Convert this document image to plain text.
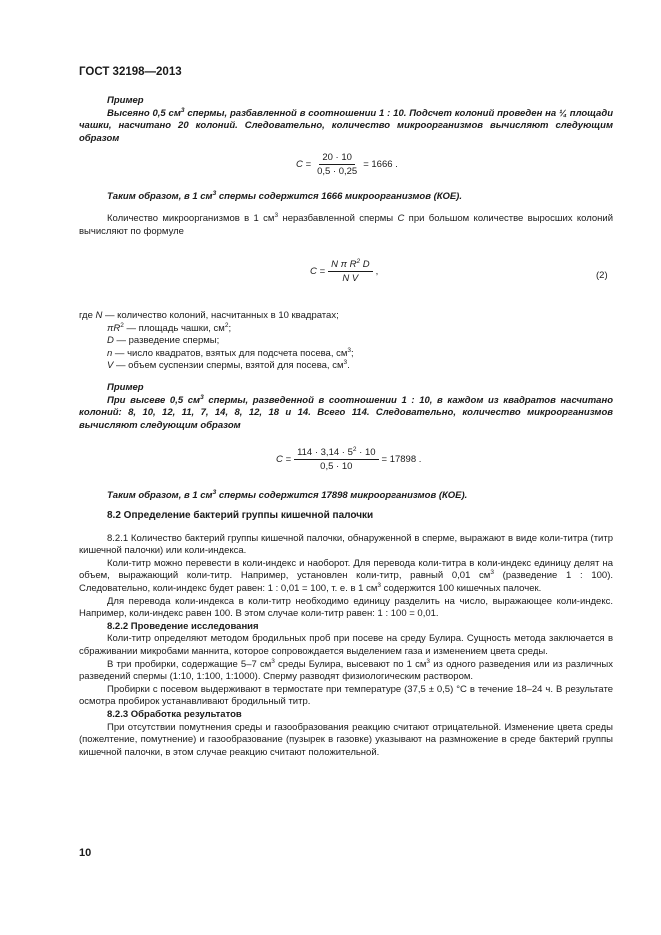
ГОСТ 32198—2013
Пример
Высеяно 0,5 $см^3$ спермы, разбавленной в соотношении 1 : 10. Подсчет колоний проведен на ¼ площади чашки, насчитано 20 колоний. Следовательно, количество микроорганизмов вычисляют следующим образом
$C = \frac{20 \cdot 10}{0,5 \cdot 0,25} = 1666$ .
Таким образом, в 1 $см^3$ спермы содержится 1666 микроорганизмов (КОЕ).
Количество микроорганизмов в 1 $см^3$ неразбавленной спермы C при большом количестве выросших колоний вычисляют по формуле
$C = \frac{N \pi R^2 D}{\text{N V}}$ ,	(2)
где N — количество колоний, насчитанных в 10 квадратах;
$\pi R^2$ — площадь чашки, $см^2$;
D — разведение спермы;
n — число квадратов, взятых для подсчета посева, $см^3$;
V — объем суспензии спермы, взятой для посева, $см^3$.
Пример
При высеве 0,5 $см^3$ спермы, разведенной в соотношении 1 : 10, в каждом из квадратов насчитано колоний: 8, 10, 12, 11, 7, 14, 8, 12, 18 и 14. Всего 114. Следовательно, количество микроорганизмов вычисляют следующим образом
$C = \frac{114 \cdot 3,14 \cdot 5^2 \cdot 10}{0,5 \cdot 10} = 17898$ .
Таким образом, в 1 $см^3$ спермы содержится 17898 микроорганизмов (КОЕ).
8.2 Определение бактерий группы кишечной палочки
8.2.1 Количество бактерий группы кишечной палочки, обнаруженной в сперме, выражают в виде коли-титра (титр кишечной палочки) или коли-индекса.
Коли-титр можно перевести в коли-индекс и наоборот. Для перевода коли-титра в коли-индекс единицу делят на объем, выражающий коли-титр. Например, установлен коли-титр, равный 0,01 $см^3$ (разведение 1 : 100). Следовательно, коли-индекс будет равен: 1 : 0,01 = 100, т. е. в 1 $см^3$ содержится 100 кишечных палочек.
Для перевода коли-индекса в коли-титр необходимо единицу разделить на число, выражающее коли-индекс. Например, коли-индекс равен 100. В этом случае коли-титр равен: 1 : 100 = 0,01.
8.2.2 Проведение исследования
Коли-титр определяют методом бродильных проб при посеве на среду Булира. Сущность метода заключается в сбраживании микробами маннита, которое сопровождается выделением газа и изменением цвета среды.
В три пробирки, содержащие 5–7 $см^3$ среды Булира, высевают по 1 $см^3$ из одного разведения или из различных разведений спермы (1:10, 1:100, 1:1000). Сперму разводят физиологическим раствором.
Пробирки с посевом выдерживают в термостате при температуре (37,5 ± 0,5) °С в течение 18–24 ч. В результате осмотра пробирок устанавливают бродильный титр.
8.2.3 Обработка результатов
При отсутствии помутнения среды и газообразования реакцию считают отрицательной. Изменение цвета среды (пожелтение, помутнение) и газообразование (пузырек в газовке) указывают на размножение в среде бактерий группы кишечной палочки, в этом случае реакцию считают положительной.
10
